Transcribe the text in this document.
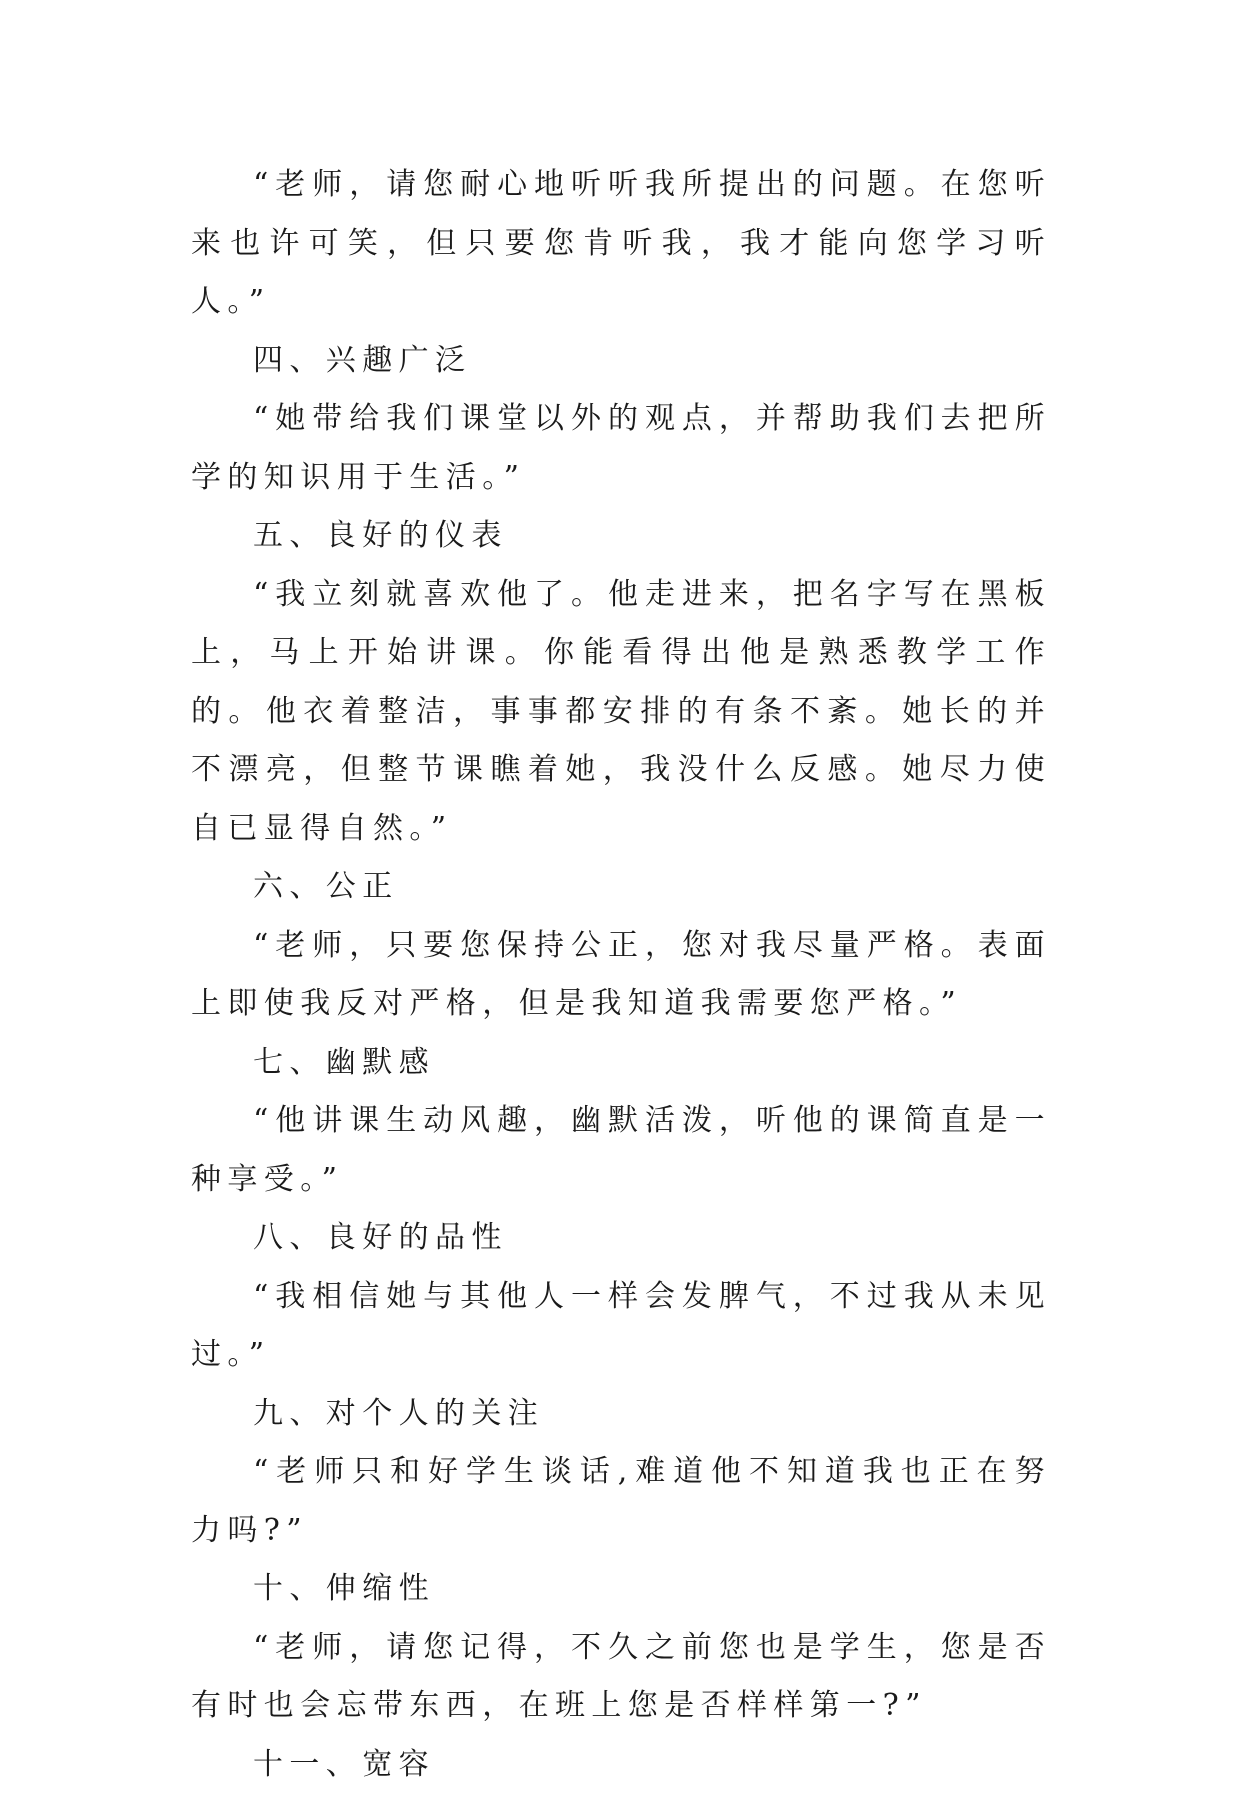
“老师，请您耐心地听听我所提出的问题。在您听来也许可笑，但只要您肯听我，我才能向您学习听人。”

四、兴趣广泛

“她带给我们课堂以外的观点，并帮助我们去把所学的知识用于生活。”

五、良好的仪表

“我立刻就喜欢他了。他走进来，把名字写在黑板上，马上开始讲课。你能看得出他是熟悉教学工作的。他衣着整洁，事事都安排的有条不紊。她长的并不漂亮，但整节课瞧着她，我没什么反感。她尽力使自已显得自然。”

六、公正

“老师，只要您保持公正，您对我尽量严格。表面上即使我反对严格，但是我知道我需要您严格。”

七、幽默感

“他讲课生动风趣，幽默活泼，听他的课简直是一种享受。”

八、良好的品性

“我相信她与其他人一样会发脾气，不过我从未见过。”

九、对个人的关注

“老师只和好学生谈话,难道他不知道我也正在努力吗?”

十、伸缩性

“老师，请您记得，不久之前您也是学生，您是否有时也会忘带东西，在班上您是否样样第一?”

十一、宽容
